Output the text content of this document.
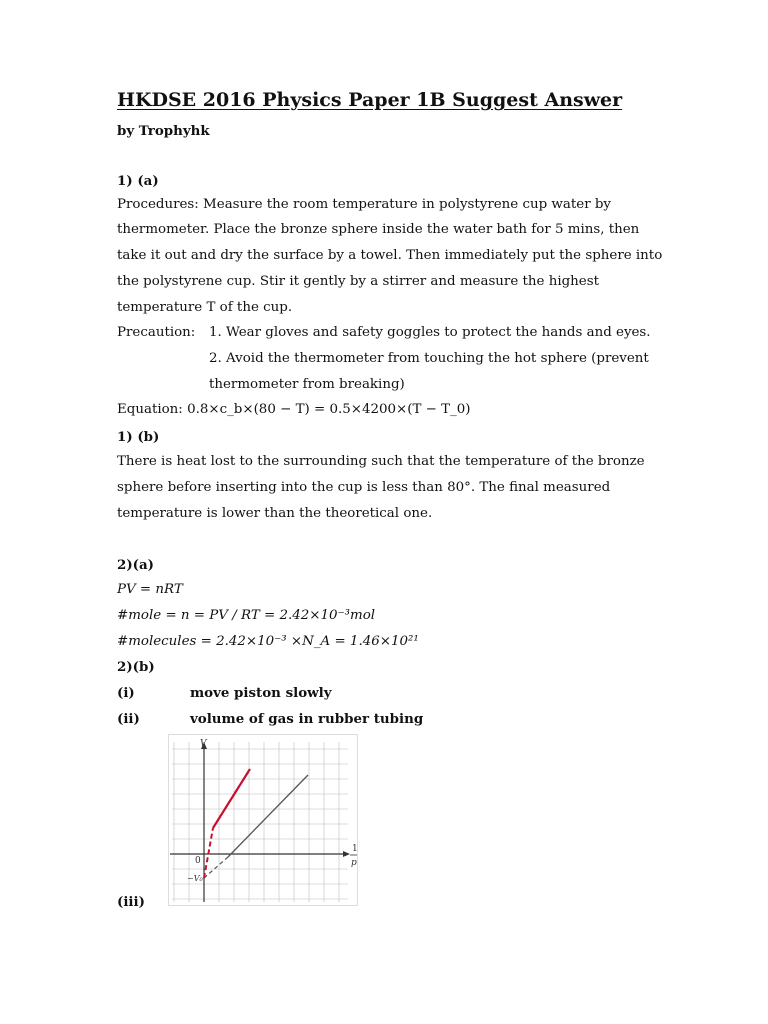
HKDSE 2016 Physics Paper 1B Suggest Answer
by Trophyhk
1) (a)
Procedures: Measure the room temperature in polystyrene cup water by
thermometer. Place the bronze sphere inside the water bath for 5 mins, then
take it out and dry the surface by a towel. Then immediately put the sphere into
the polystyrene cup. Stir it gently by a stirrer and measure the highest
temperature T of the cup.
Precaution: 1. Wear gloves and safety goggles to protect the hands and eyes.
2. Avoid the thermometer from touching the hot sphere (prevent
thermometer from breaking)
Equation: 0.8×c_b×(80 − T) = 0.5×4200×(T − T_0)
1) (b)
There is heat lost to the surrounding such that the temperature of the bronze
sphere before inserting into the cup is less than 80°. The final measured
temperature is lower than the theoretical one.
2)(a)
PV = nRT
#mole = n = PV / RT = 2.42×10⁻³mol
#molecules = 2.42×10⁻³ ×N_A = 1.46×10²¹
2)(b)
(i)	move piston slowly
(ii)	volume of gas in rubber tubing
(iii)
V
1
p
0
−V₀
